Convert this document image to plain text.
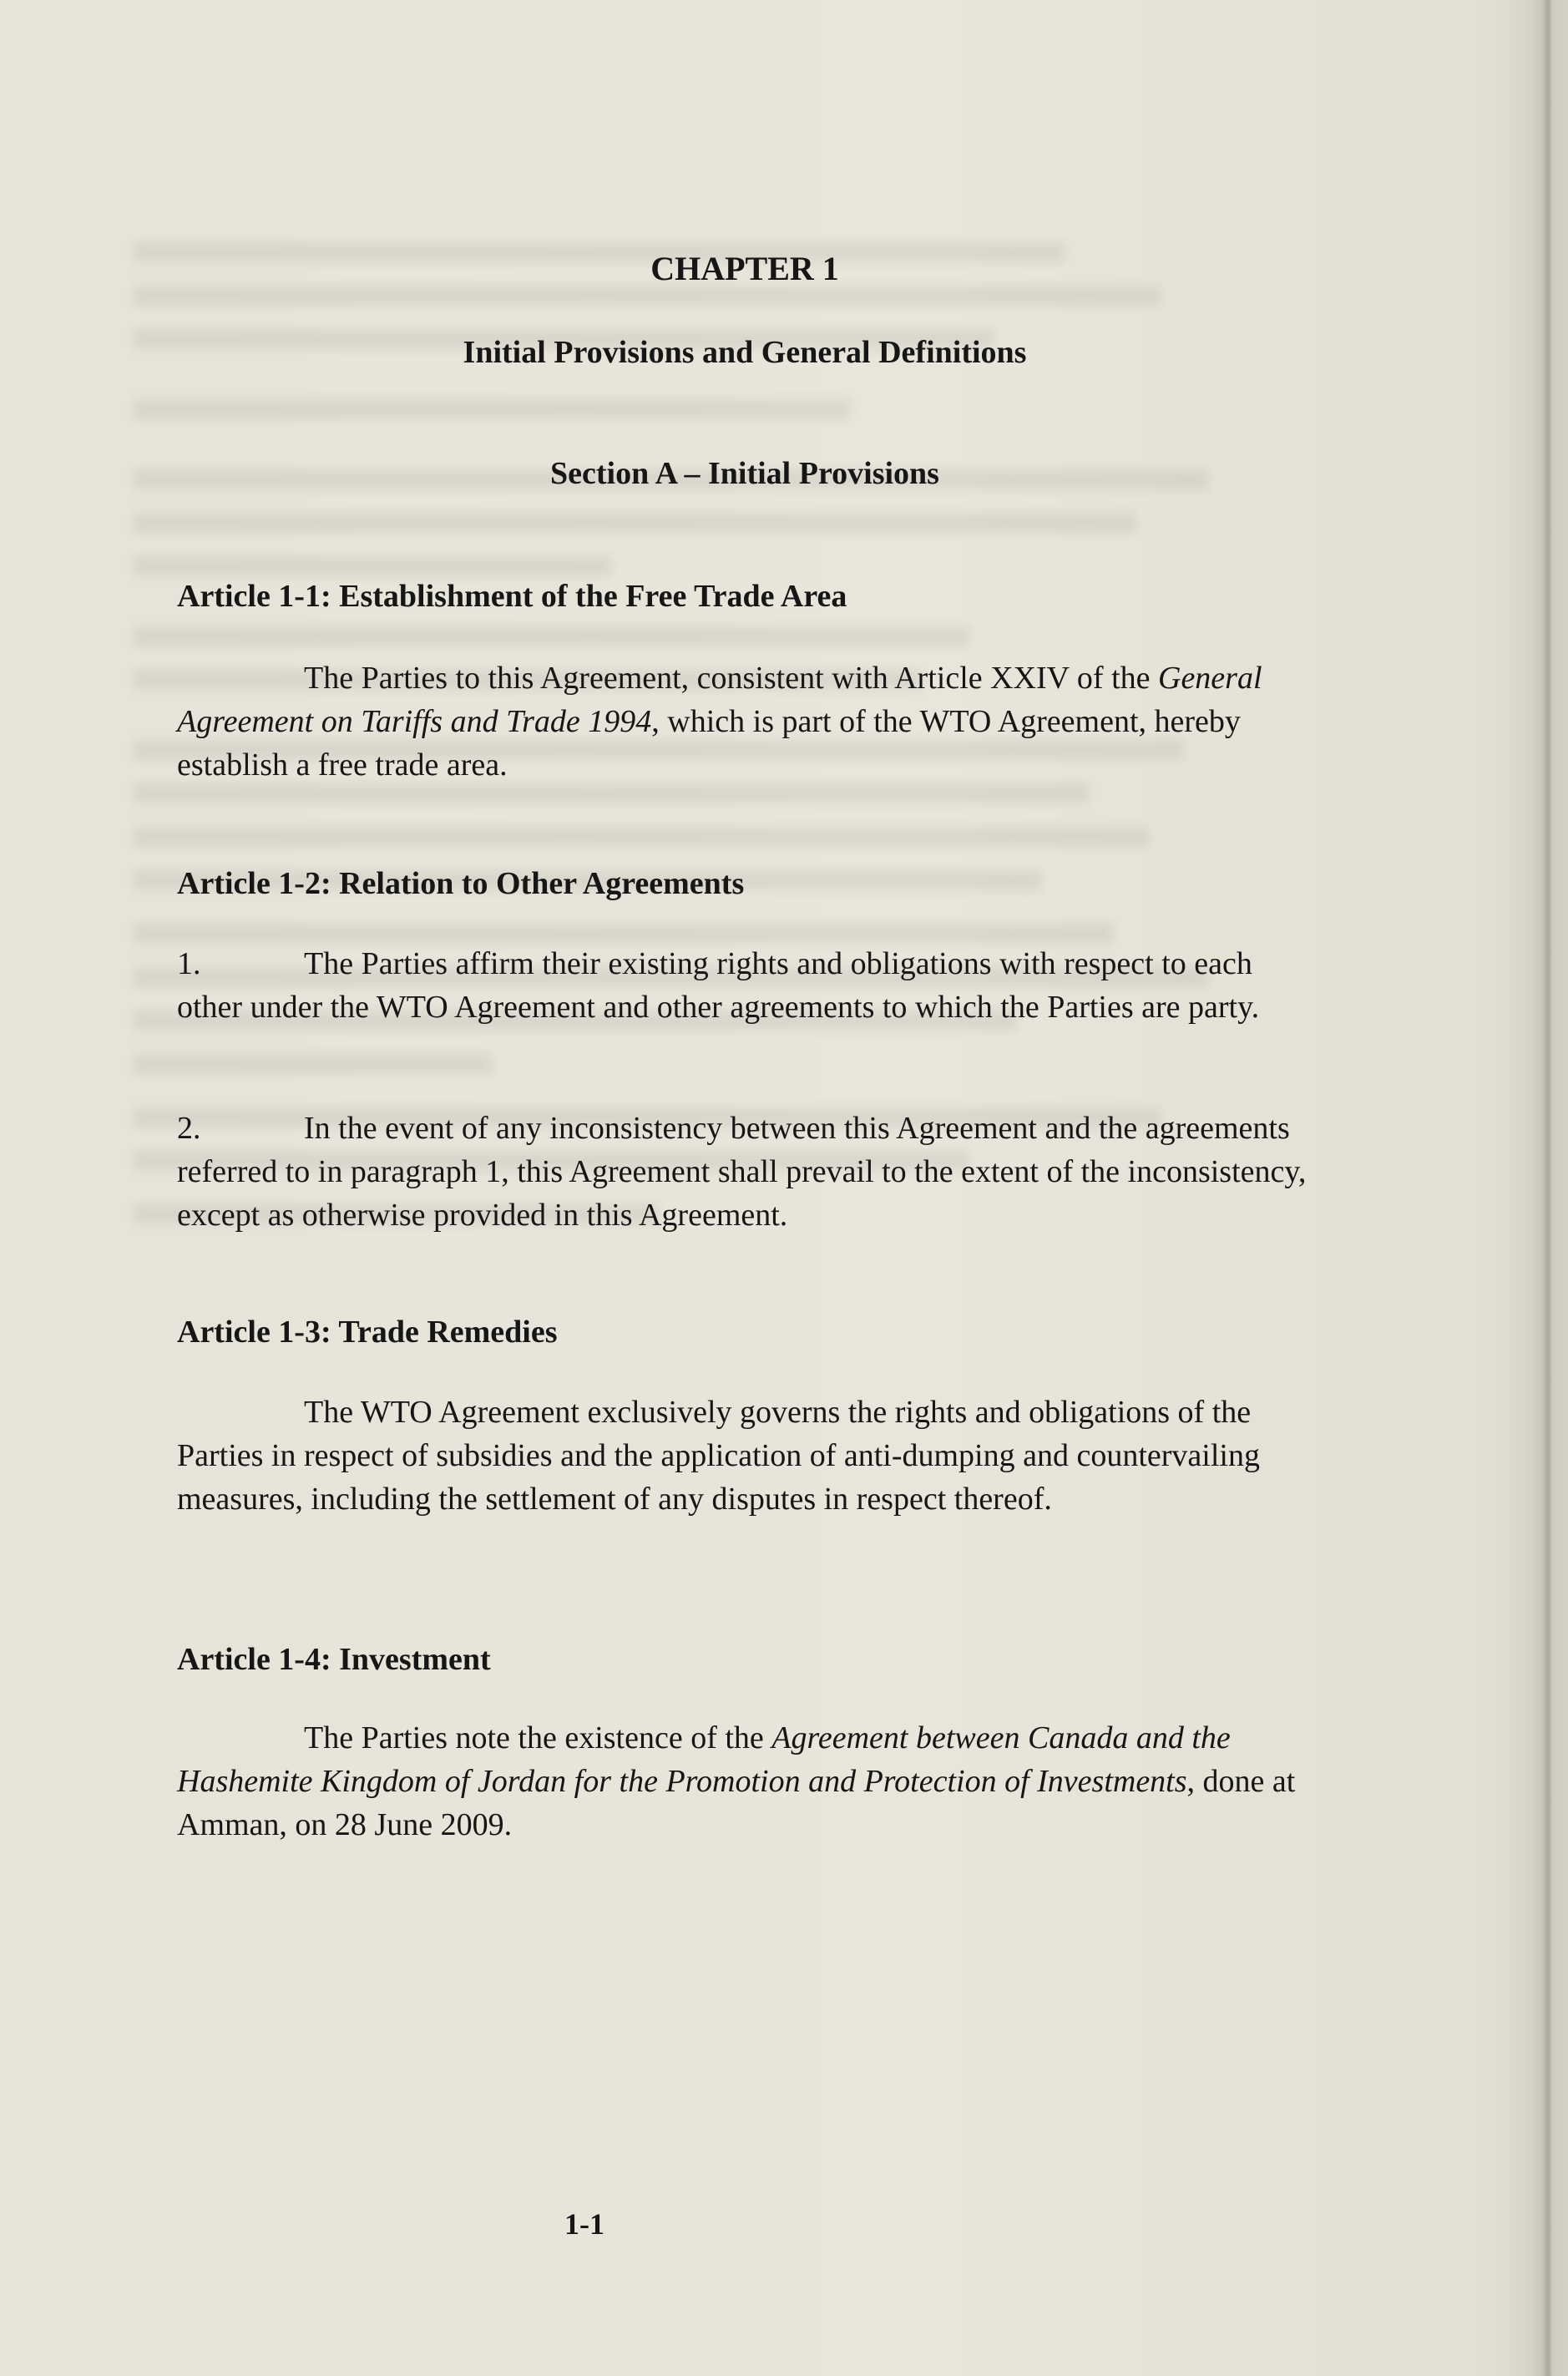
CHAPTER 1
Initial Provisions and General Definitions
Section A – Initial Provisions
Article 1-1: Establishment of the Free Trade Area
The Parties to this Agreement, consistent with Article XXIV of the General Agreement on Tariffs and Trade 1994, which is part of the WTO Agreement, hereby establish a free trade area.
Article 1-2: Relation to Other Agreements
1.	The Parties affirm their existing rights and obligations with respect to each other under the WTO Agreement and other agreements to which the Parties are party.
2.	In the event of any inconsistency between this Agreement and the agreements referred to in paragraph 1, this Agreement shall prevail to the extent of the inconsistency, except as otherwise provided in this Agreement.
Article 1-3: Trade Remedies
The WTO Agreement exclusively governs the rights and obligations of the Parties in respect of subsidies and the application of anti-dumping and countervailing measures, including the settlement of any disputes in respect thereof.
Article 1-4: Investment
The Parties note the existence of the Agreement between Canada and the Hashemite Kingdom of Jordan for the Promotion and Protection of Investments, done at Amman, on 28 June 2009.
1-1
